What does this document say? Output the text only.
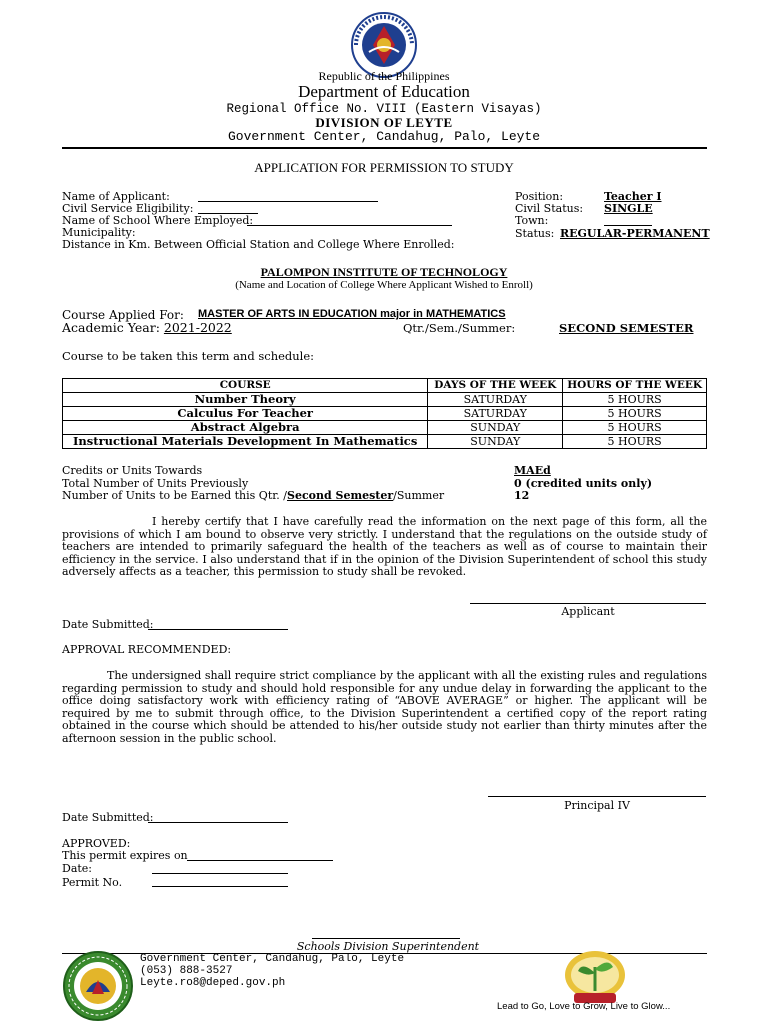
Republic of the Philippines
Department of Education
Regional Office No. VIII (Eastern Visayas)
DIVISION OF LEYTE
Government Center, Candahug, Palo, Leyte
APPLICATION FOR PERMISSION TO STUDY
Name of Applicant:
Civil Service Eligibility:
Name of School Where Employed:
Municipality:
Distance in Km. Between Official Station and College Where Enrolled:
Position:	Teacher I
Civil Status: SINGLE
Town:
Status: REGULAR-PERMANENT
PALOMPON INSTITUTE OF TECHNOLOGY
(Name and Location of College Where Applicant Wished to Enroll)
Course Applied For: MASTER OF ARTS IN EDUCATION major in MATHEMATICS
Academic Year: 2021-2022	Qtr./Sem./Summer:	SECOND SEMESTER
Course to be taken this term and schedule:
COURSE	DAYS OF THE WEEK	HOURS OF THE WEEK
Number Theory	SATURDAY	5 HOURS
Calculus For Teacher	SATURDAY	5 HOURS
Abstract Algebra	SUNDAY	5 HOURS
Instructional Materials Development In Mathematics	SUNDAY	5 HOURS
Credits or Units Towards	MAEd
Total Number of Units Previously	0 (credited units only)
Number of Units to be Earned this Qtr. /Second Semester/Summer	12
I hereby certify that I have carefully read the information on the next page of this form, all the provisions of which I am bound to observe very strictly. I understand that the regulations on the outside study of teachers are intended to primarily safeguard the health of the teachers as well as of course to maintain their efficiency in the service. I also understand that if in the opinion of the Division Superintendent of school this study adversely affects as a teacher, this permission to study shall be revoked.
Applicant
Date Submitted:
APPROVAL RECOMMENDED:
The undersigned shall require strict compliance by the applicant with all the existing rules and regulations regarding permission to study and should hold responsible for any undue delay in forwarding the applicant to the office doing satisfactory work with efficiency rating of “ABOVE AVERAGE” or higher. The applicant will be required by me to submit through office, to the Division Superintendent a certified copy of the report rating obtained in the course which should be attended to his/her outside study not earlier than thirty minutes after the afternoon session in the public school.
Principal IV
Date Submitted:
APPROVED:
This permit expires on
Date:
Permit No.
Schools Division Superintendent
Government Center, Candahug, Palo, Leyte
(053) 888-3527
Leyte.ro8@deped.gov.ph
Lead to Go, Love to Grow, Live to Glow...
